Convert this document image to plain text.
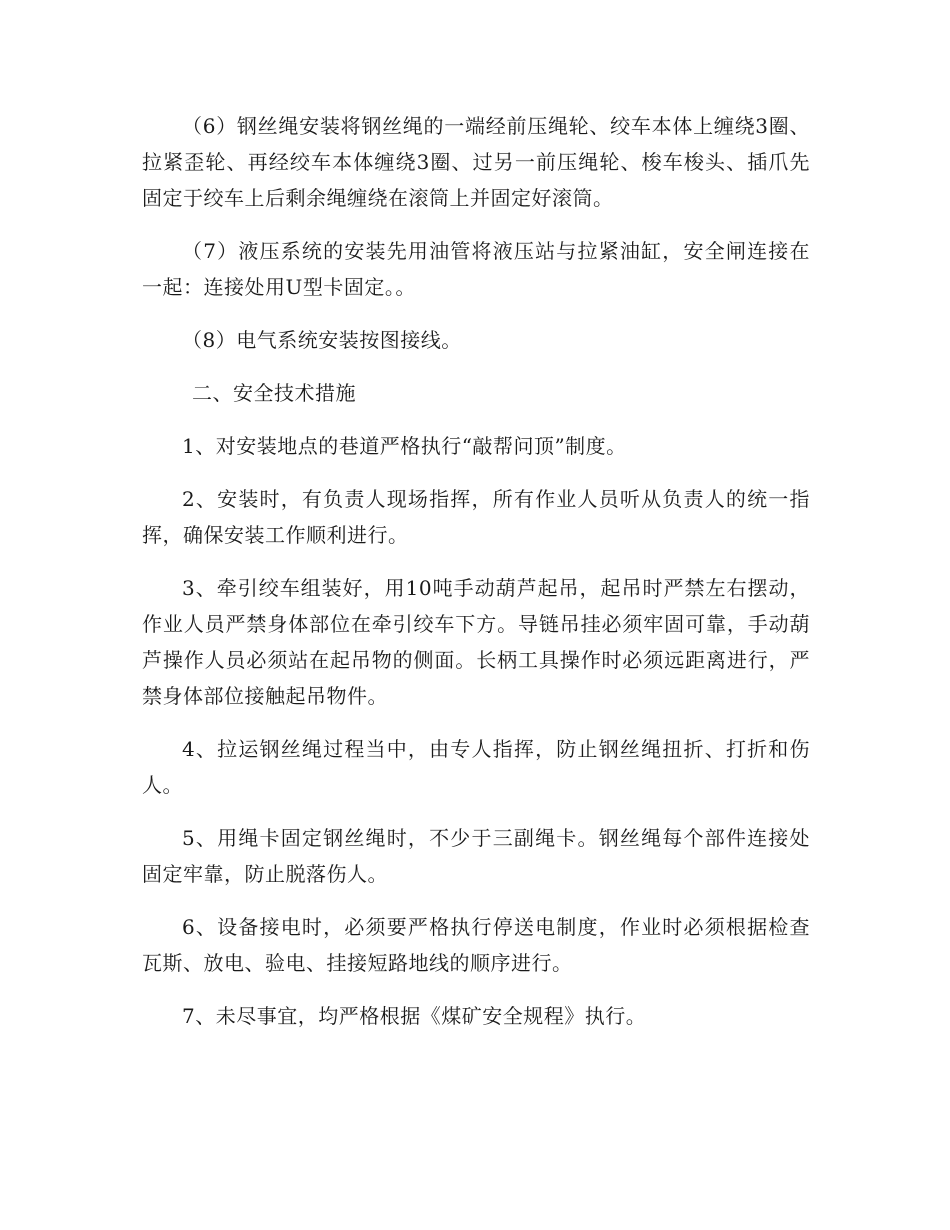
（6）钢丝绳安装将钢丝绳的一端经前压绳轮、绞车本体上缠绕3圈、拉紧歪轮、再经绞车本体缠绕3圈、过另一前压绳轮、梭车梭头、插爪先固定于绞车上后剩余绳缠绕在滚筒上并固定好滚筒。

（7）液压系统的安装先用油管将液压站与拉紧油缸，安全闸连接在一起：连接处用U型卡固定。。

（8）电气系统安装按图接线。

二、安全技术措施

1、对安装地点的巷道严格执行“敲帮问顶”制度。

2、安装时，有负责人现场指挥，所有作业人员听从负责人的统一指挥，确保安装工作顺利进行。

3、牵引绞车组装好，用10吨手动葫芦起吊，起吊时严禁左右摆动，作业人员严禁身体部位在牵引绞车下方。导链吊挂必须牢固可靠，手动葫芦操作人员必须站在起吊物的侧面。长柄工具操作时必须远距离进行，严禁身体部位接触起吊物件。

4、拉运钢丝绳过程当中，由专人指挥，防止钢丝绳扭折、打折和伤人。

5、用绳卡固定钢丝绳时，不少于三副绳卡。钢丝绳每个部件连接处固定牢靠，防止脱落伤人。

6、设备接电时，必须要严格执行停送电制度，作业时必须根据检查瓦斯、放电、验电、挂接短路地线的顺序进行。

7、未尽事宜，均严格根据《煤矿安全规程》执行。
